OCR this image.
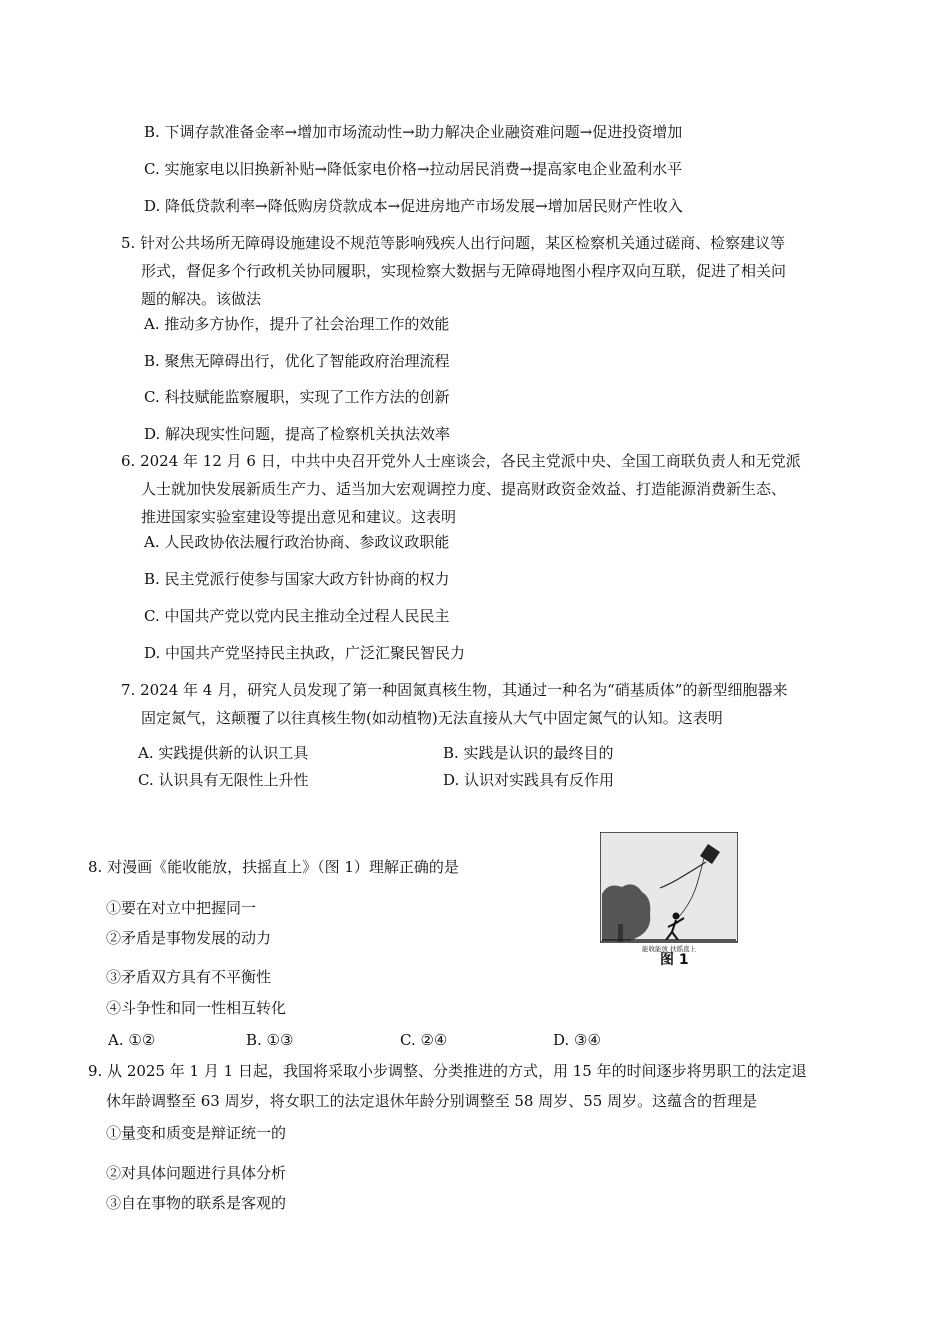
B. 下调存款准备金率→增加市场流动性→助力解决企业融资难问题→促进投资增加
C. 实施家电以旧换新补贴→降低家电价格→拉动居民消费→提高家电企业盈利水平
D. 降低贷款利率→降低购房贷款成本→促进房地产市场发展→增加居民财产性收入
5. 针对公共场所无障碍设施建设不规范等影响残疾人出行问题，某区检察机关通过磋商、检察建议等
形式，督促多个行政机关协同履职，实现检察大数据与无障碍地图小程序双向互联，促进了相关问
题的解决。该做法
A. 推动多方协作，提升了社会治理工作的效能
B. 聚焦无障碍出行，优化了智能政府治理流程
C. 科技赋能监察履职，实现了工作方法的创新
D. 解决现实性问题，提高了检察机关执法效率
6. 2024 年 12 月 6 日，中共中央召开党外人士座谈会，各民主党派中央、全国工商联负责人和无党派
人士就加快发展新质生产力、适当加大宏观调控力度、提高财政资金效益、打造能源消费新生态、
推进国家实验室建设等提出意见和建议。这表明
A. 人民政协依法履行政治协商、参政议政职能
B. 民主党派行使参与国家大政方针协商的权力
C. 中国共产党以党内民主推动全过程人民民主
D. 中国共产党坚持民主执政，广泛汇聚民智民力
7. 2024 年 4 月，研究人员发现了第一种固氮真核生物，其通过一种名为“硝基质体”的新型细胞器来
固定氮气，这颠覆了以往真核生物(如动植物)无法直接从大气中固定氮气的认知。这表明
A. 实践提供新的认识工具	B. 实践是认识的最终目的
C. 认识具有无限性上升性	D. 认识对实践具有反作用
8. 对漫画《能收能放，扶摇直上》（图 1）理解正确的是
①要在对立中把握同一
②矛盾是事物发展的动力
③矛盾双方具有不平衡性
④斗争性和同一性相互转化
A. ①②	B. ①③	C. ②④	D. ③④
能收能放 扶摇直上
图 1
9. 从 2025 年 1 月 1 日起，我国将采取小步调整、分类推进的方式，用 15 年的时间逐步将男职工的法定退
休年龄调整至 63 周岁，将女职工的法定退休年龄分别调整至 58 周岁、55 周岁。这蕴含的哲理是
①量变和质变是辩证统一的
②对具体问题进行具体分析
③自在事物的联系是客观的
